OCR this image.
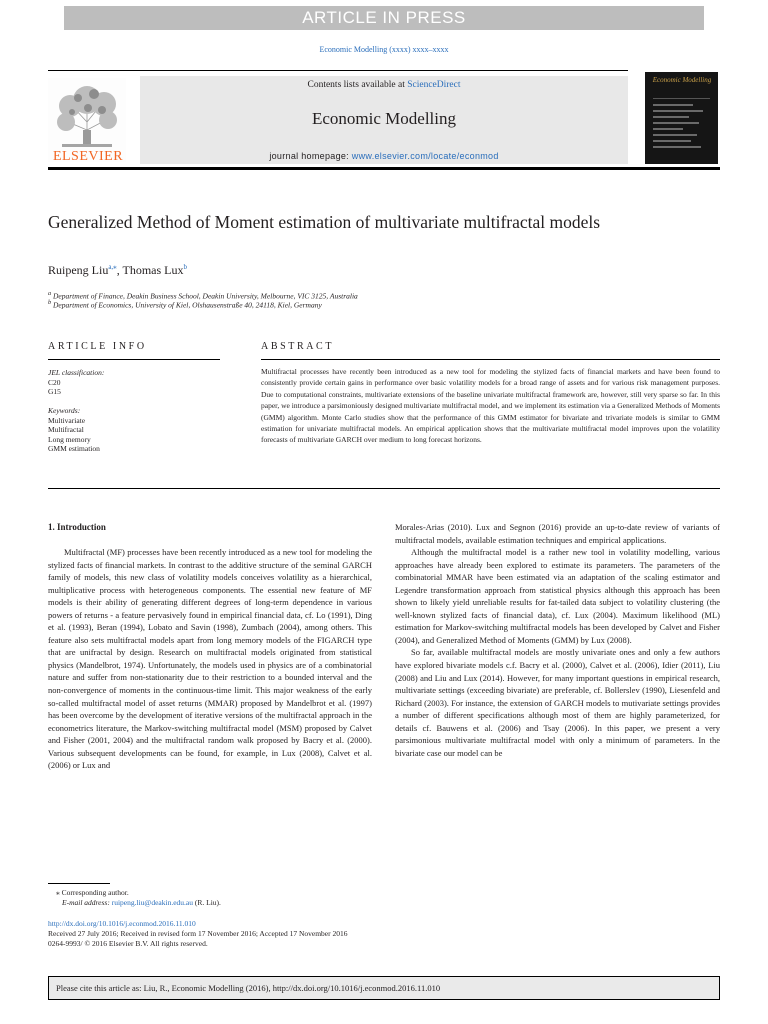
ARTICLE IN PRESS
Economic Modelling (xxxx) xxxx–xxxx
ELSEVIER
Contents lists available at ScienceDirect
Economic Modelling
journal homepage: www.elsevier.com/locate/econmod
Economic Modelling
Generalized Method of Moment estimation of multivariate multifractal models
Ruipeng Liu$^{a,⁎}$, Thomas Lux$^b$
$^a$ Department of Finance, Deakin Business School, Deakin University, Melbourne, VIC 3125, Australia
$^b$ Department of Economics, University of Kiel, Olshausenstraße 40, 24118, Kiel, Germany
ARTICLE INFO	ABSTRACT
JEL classification:
C20
G15
Keywords:
Multivariate
Multifractal
Long memory
GMM estimation
Multifractal processes have recently been introduced as a new tool for modeling the stylized facts of financial markets and have been found to consistently provide certain gains in performance over basic volatility models for a broad range of assets and for various risk management purposes. Due to computational constraints, multivariate extensions of the baseline univariate multifractal framework are, however, still very sparse so far. In this paper, we introduce a parsimoniously designed multivariate multifractal model, and we implement its estimation via a Generalized Methods of Moments (GMM) algorithm. Monte Carlo studies show that the performance of this GMM estimator for bivariate and trivariate models is similar to GMM estimation for univariate multifractal models. An empirical application shows that the multivariate multifractal model improves upon the volatility forecasts of multivariate GARCH over medium to long forecast horizons.
1. Introduction

Multifractal (MF) processes have been recently introduced as a new tool for modeling the stylized facts of financial markets. In contrast to the additive structure of the seminal GARCH family of models, this new class of volatility models conceives volatility as a hierarchical, multiplicative process with heterogeneous components. The essential new feature of MF models is their ability of generating different degrees of long-term dependence in various powers of returns - a feature pervasively found in empirical financial data, cf. Lo (1991), Ding et al. (1993), Beran (1994), Lobato and Savin (1998), Zumbach (2004), among others. This feature also sets multifractal models apart from long memory models of the FIGARCH type that are unifractal by design. Research on multifractal models originated from statistical physics (Mandelbrot, 1974). Unfortunately, the models used in physics are of a combinatorial nature and suffer from non-stationarity due to their restriction to a bounded interval and the non-convergence of moments in the continuous-time limit. This major weakness of the early so-called multifractal model of asset returns (MMAR) proposed by Mandelbrot et al. (1997) has been overcome by the development of iterative versions of the multifractal approach in the econometrics literature, the Markov-switching multifractal model (MSM) proposed by Calvet and Fisher (2001, 2004) and the multifractal random walk proposed by Bacry et al. (2000). Various subsequent developments can be found, for example, in Lux (2008), Calvet et al. (2006) or Lux and

Morales-Arias (2010). Lux and Segnon (2016) provide an up-to-date review of variants of multifractal models, available estimation techniques and empirical applications.

Although the multifractal model is a rather new tool in volatility modelling, various approaches have already been explored to estimate its parameters. The parameters of the combinatorial MMAR have been estimated via an adaptation of the scaling estimator and Legendre transformation approach from statistical physics although this approach has been shown to likely yield unreliable results for fat-tailed data subject to volatility clustering (the well-known stylized facts of financial data), cf. Lux (2004). Maximum likelihood (ML) estimation for Markov-switching multifractal models has been developed by Calvet and Fisher (2004), and Generalized Method of Moments (GMM) by Lux (2008).

So far, available multifractal models are mostly univariate ones and only a few authors have explored bivariate models c.f. Bacry et al. (2000), Calvet et al. (2006), Idier (2011), Liu (2008) and Liu and Lux (2014). However, for many important questions in empirical research, multivariate settings (exceeding bivariate) are preferable, cf. Bollerslev (1990), Liesenfeld and Richard (2003). For instance, the extension of GARCH models to mutivariate settings provides a number of different specifications although most of them are highly parameterized, for details cf. Bauwens et al. (2006) and Tsay (2006). In this paper, we present a very parsimonious multivariate multifractal model with only a minimum of parameters. In the bivariate case our model can be

⁎ Corresponding author.
E-mail address: ruipeng.liu@deakin.edu.au (R. Liu).
http://dx.doi.org/10.1016/j.econmod.2016.11.010
Received 27 July 2016; Received in revised form 17 November 2016; Accepted 17 November 2016
0264-9993/ © 2016 Elsevier B.V. All rights reserved.
Please cite this article as: Liu, R., Economic Modelling (2016), http://dx.doi.org/10.1016/j.econmod.2016.11.010
